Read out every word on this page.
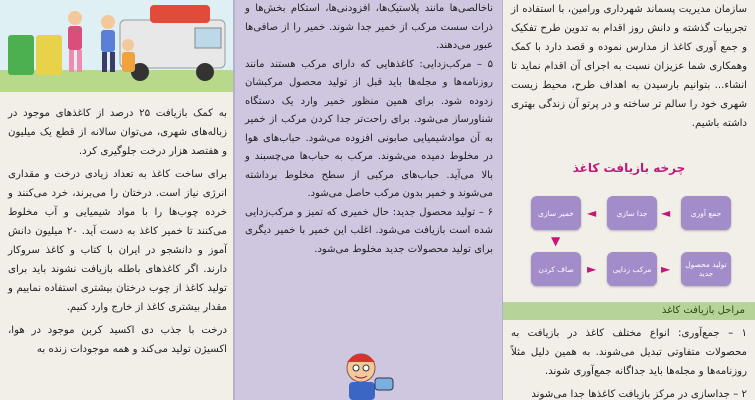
به کمک بازیافت ۲۵ درصد از کاغذهای موجود در زباله‌های شهری، می‌توان سالانه از قطع یک میلیون و هفتصد هزار درخت جلوگیری کرد.

برای ساخت کاغذ به تعداد زیادی درخت و مقداری انرژی نیاز است. درختان را می‌برند، خرد می‌کنند و خرده چوب‌ها را با مواد شیمیایی و آب مخلوط می‌کنند تا خمیر کاغذ به دست آید. ۲۰ میلیون دانش آموز و دانشجو در ایران با کتاب و کاغذ سروکار دارند. اگر کاغذهای باطله بازیافت نشوند باید برای تولید کاغذ از چوب درختان بیشتری استفاده نماییم و مقدار بیشتری کاغذ از خارج وارد کنیم.

درخت با جذب دی اکسید کربن موجود در هوا، اکسیژن تولید می‌کند و همه موجودات زنده به

ناخالصی‌ها مانند پلاستیک‌ها، افزودنی‌ها، استکام بخش‌ها و ذرات سست مرکب از خمیر جدا شوند. خمیر را از صافی‌ها عبور می‌دهند.

۵ – مرکب‌زدایی: کاغذهایی که دارای مرکب هستند مانند روزنامه‌ها و مجله‌ها باید قبل از تولید محصول مرکبشان زدوده شود. برای همین منظور خمیر وارد یک دستگاه شناورساز می‌شود. برای راحت‌تر جدا کردن مرکب از خمیر به آن موادشیمیایی صابونی افزوده می‌شود. حباب‌های هوا در مخلوط دمیده می‌شوند. مرکب به حباب‌ها می‌چسبند و بالا می‌آید. حباب‌های مرکبی از سطح مخلوط برداشته می‌شوند و خمیر بدون مرکب حاصل می‌شود.

۶ – تولید محصول جدید: حال خمیری که تمیز و مرکب‌زدایی شده است بازیافت می‌شود. اغلب این خمیر با خمیر دیگری برای تولید محصولات جدید مخلوط می‌شود.

سازمان مدیریت پسماند شهرداری ورامین، با استفاده از تجربیات گذشته و دانش روز اقدام به تدوین طرح تفکیک و جمع آوری کاغذ از مدارس نموده و قصد دارد با کمک وهمکاری شما عزیزان نسبت به اجرای آن اقدام نماید تا انشاء... بتوانیم بارسیدن به اهداف طرح، محیط زیست شهری خود را سالم تر ساخته و در پرتو آن زندگی بهتری داشته باشیم.

چرخه بازیافت کاغذ
جمع آوری
جدا سازی
خمیر سازی
صاف کردن	مرکب زدایی	تولید محصول جدید
◄
◄
▼
►	►
مراحل بازیافت کاغذ

۱ – جمع‌آوری: انواع مختلف کاغذ در بازیافت به محصولات متفاوتی تبدیل می‌شوند. به همین دلیل مثلاً روزنامه‌ها و مجله‌ها باید جداگانه جمع‌آوری شوند.

۲ – جداسازی در مرکز بازیافت کاغذها جدا می‌شوند
